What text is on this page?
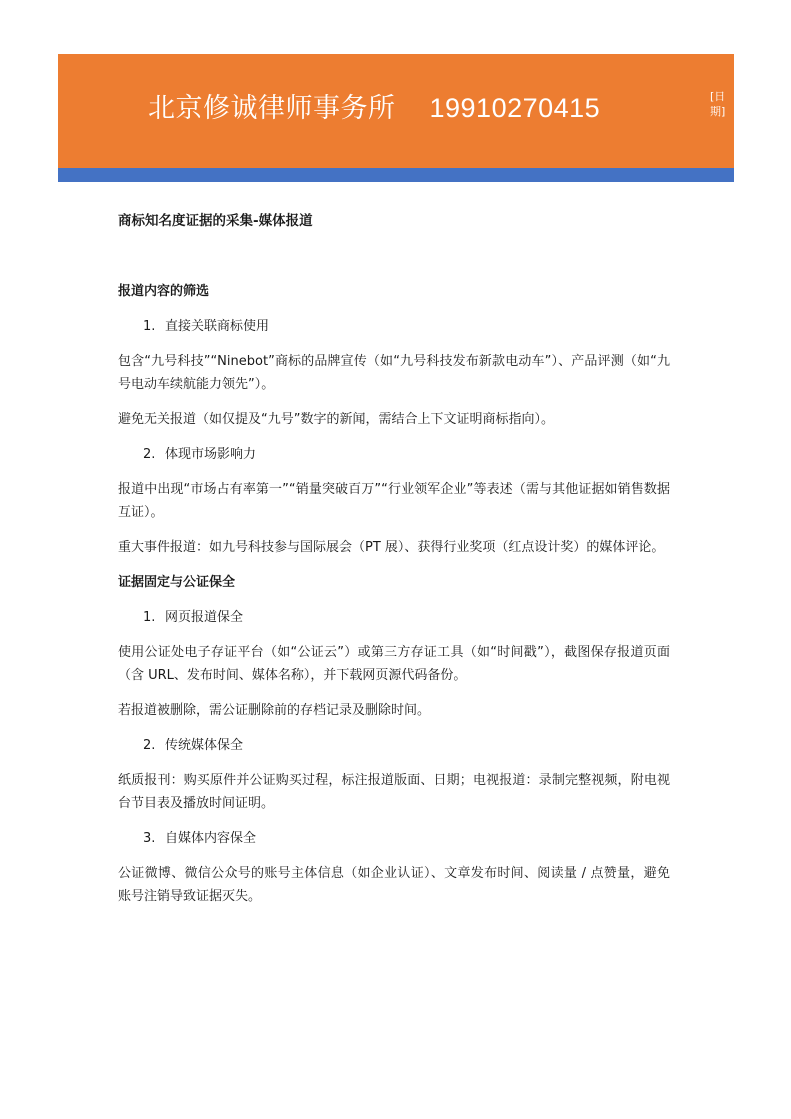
北京修诚律师事务所 19910270415	[日期]
商标知名度证据的采集-媒体报道
报道内容的筛选
1. 直接关联商标使用

包含“九号科技”“Ninebot”商标的品牌宣传（如“九号科技发布新款电动车”）、产品评测（如“九号电动车续航能力领先”）。

避免无关报道（如仅提及“九号”数字的新闻，需结合上下文证明商标指向）。

2. 体现市场影响力

报道中出现“市场占有率第一”“销量突破百万”“行业领军企业”等表述（需与其他证据如销售数据互证）。

重大事件报道：如九号科技参与国际展会（PT 展）、获得行业奖项（红点设计奖）的媒体评论。

证据固定与公证保全
1. 网页报道保全

使用公证处电子存证平台（如“公证云”）或第三方存证工具（如“时间戳”），截图保存报道页面（含 URL、发布时间、媒体名称），并下载网页源代码备份。

若报道被删除，需公证删除前的存档记录及删除时间。

2. 传统媒体保全

纸质报刊：购买原件并公证购买过程，标注报道版面、日期；电视报道：录制完整视频，附电视台节目表及播放时间证明。

3. 自媒体内容保全

公证微博、微信公众号的账号主体信息（如企业认证）、文章发布时间、阅读量 / 点赞量，避免账号注销导致证据灭失。
